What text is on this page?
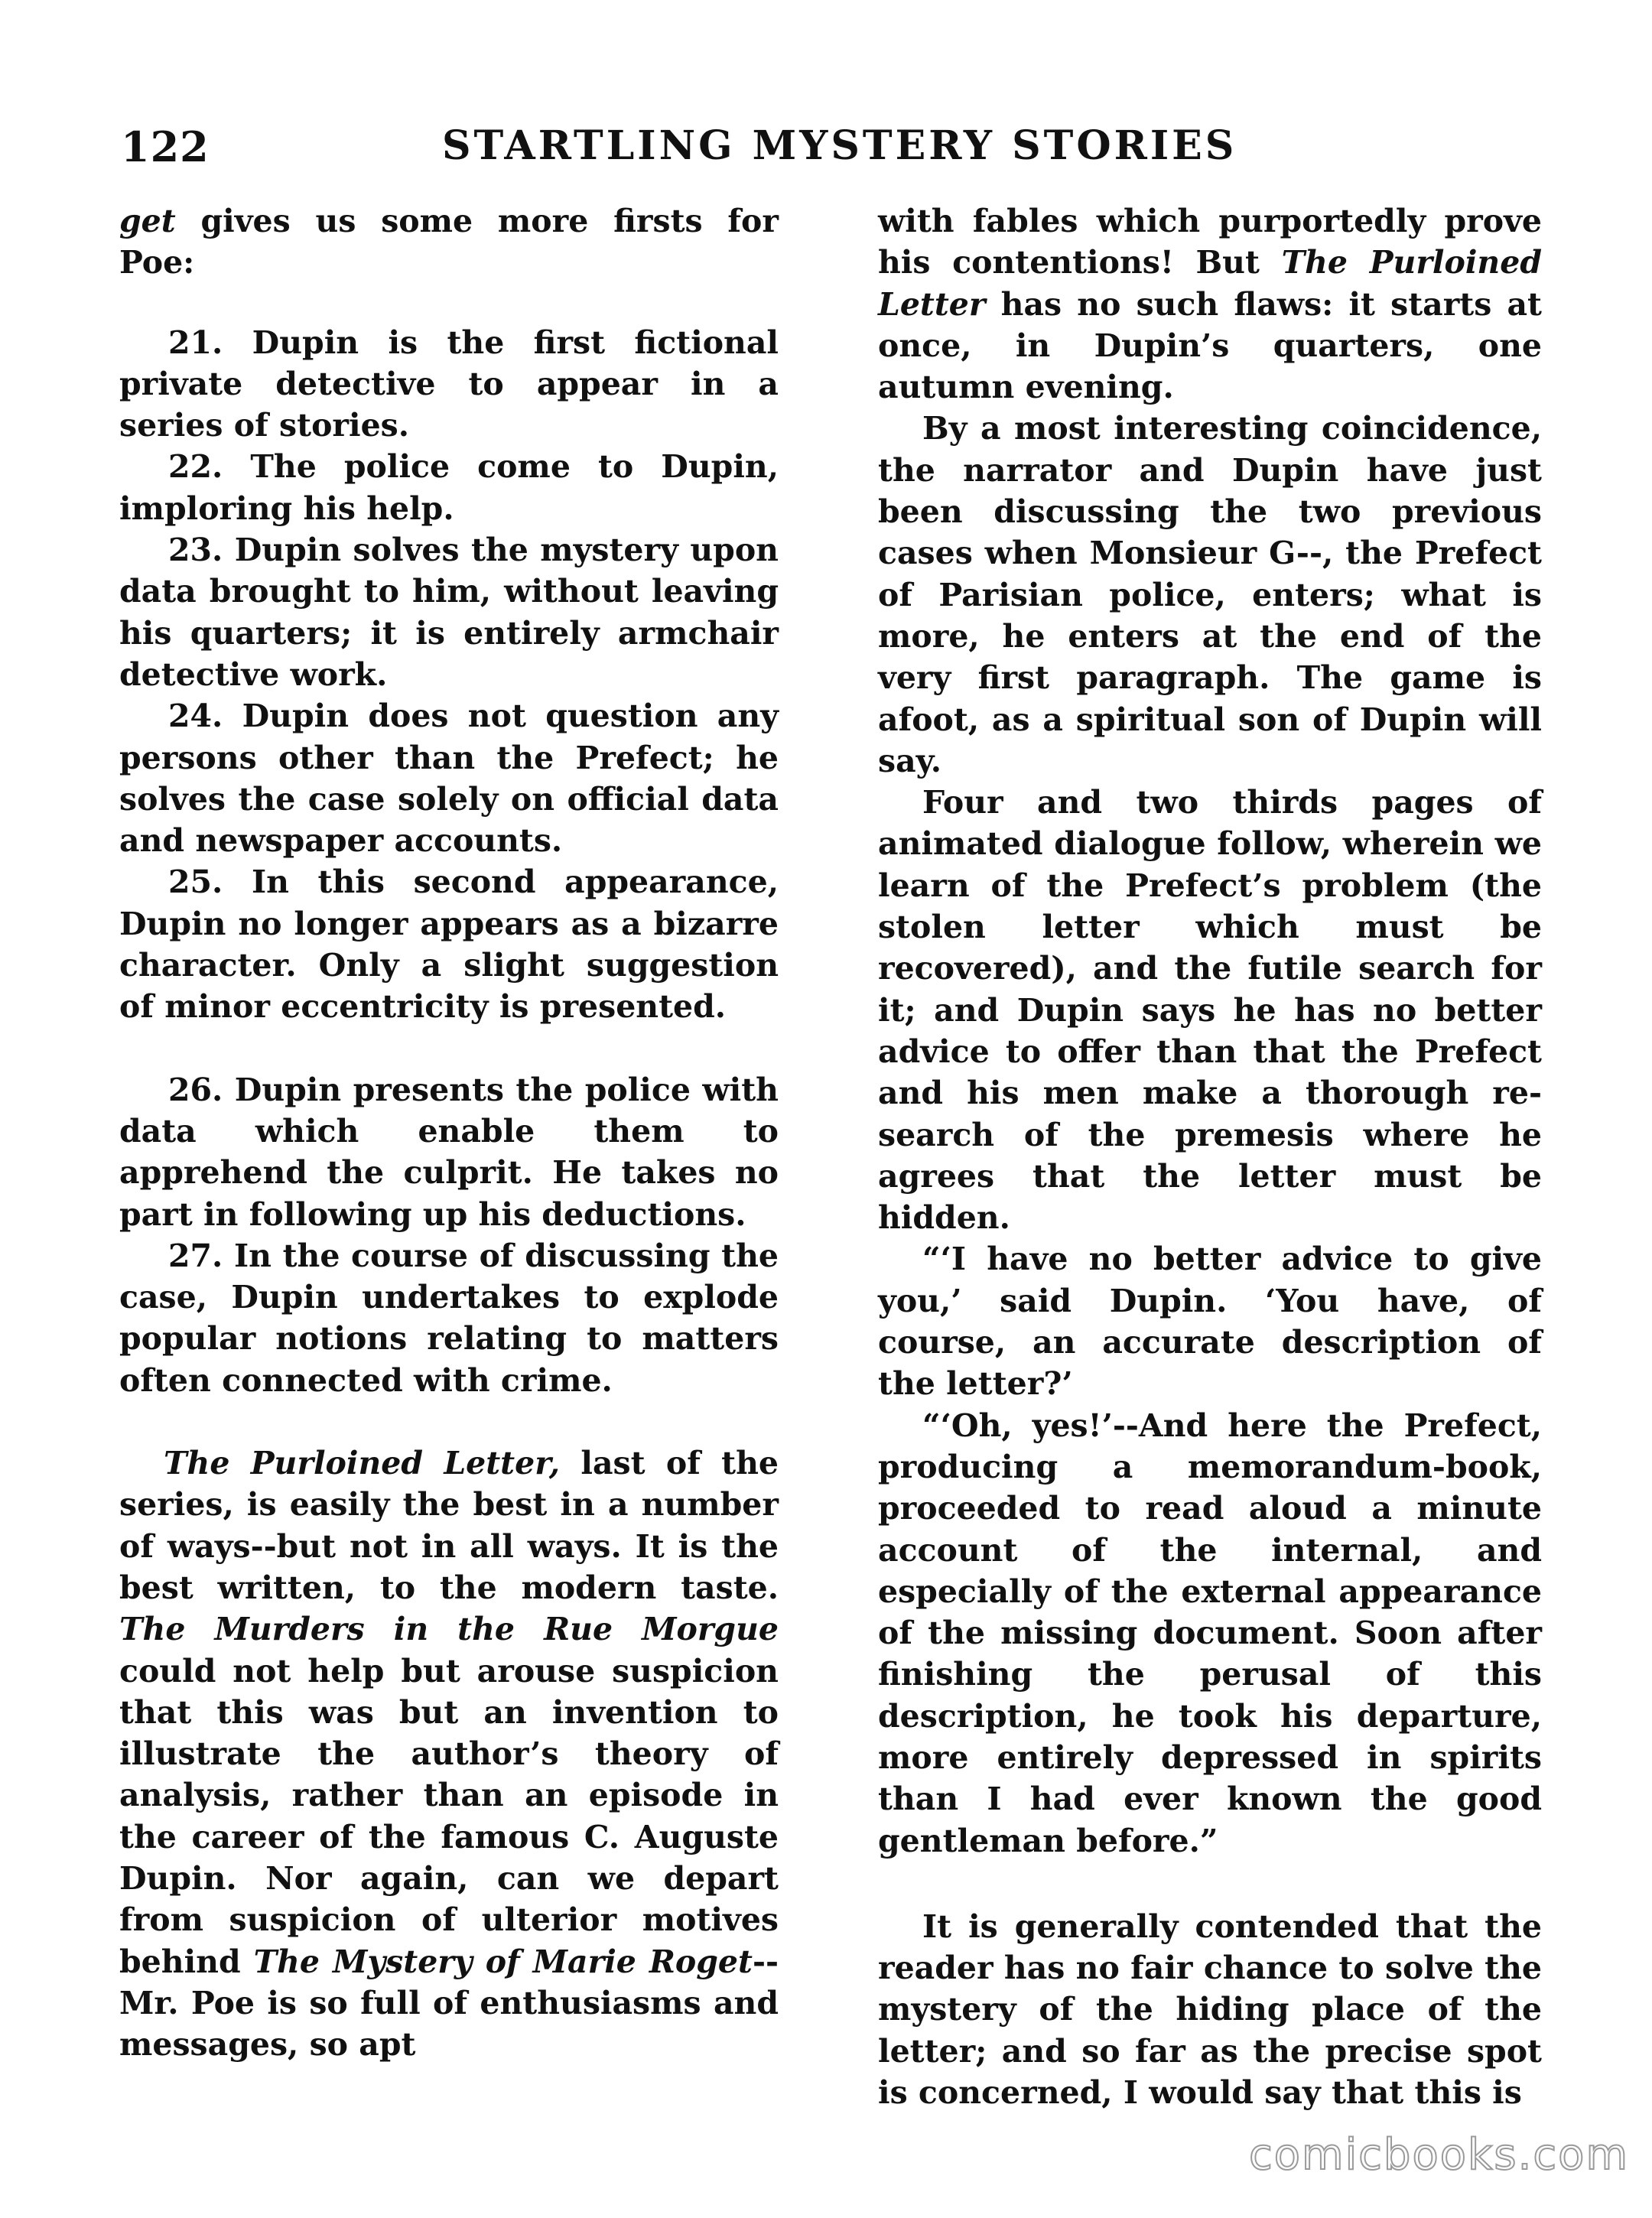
122	STARTLING MYSTERY STORIES

get gives us some more firsts for Poe:

21. Dupin is the first fictional private detective to appear in a series of stories.

22. The police come to Dupin, imploring his help.

23. Dupin solves the mystery upon data brought to him, without leaving his quarters; it is entirely armchair detective work.

24. Dupin does not question any persons other than the Prefect; he solves the case solely on official data and newspaper accounts.

25. In this second appearance, Dupin no longer appears as a bizarre character. Only a slight suggestion of minor eccentricity is presented.

26. Dupin presents the police with data which enable them to apprehend the culprit. He takes no part in following up his deductions.

27. In the course of discussing the case, Dupin undertakes to explode popular notions relating to matters often connected with crime.

The Purloined Letter, last of the series, is easily the best in a number of ways--but not in all ways. It is the best written, to the modern taste. The Murders in the Rue Morgue could not help but arouse suspicion that this was but an invention to illustrate the author’s theory of analysis, rather than an episode in the career of the famous C. Auguste Dupin. Nor again, can we depart from suspicion of ulterior motives behind The Mystery of Marie Roget--Mr. Poe is so full of enthusiasms and messages, so apt

with fables which purportedly prove his contentions! But The Purloined Letter has no such flaws: it starts at once, in Dupin’s quarters, one autumn evening.

By a most interesting coincidence, the narrator and Dupin have just been discussing the two previous cases when Monsieur G--, the Prefect of Parisian police, enters; what is more, he enters at the end of the very first paragraph. The game is afoot, as a spiritual son of Dupin will say.

Four and two thirds pages of animated dialogue follow, wherein we learn of the Prefect’s problem (the stolen letter which must be recovered), and the futile search for it; and Dupin says he has no better advice to offer than that the Prefect and his men make a thorough re-search of the premesis where he agrees that the letter must be hidden.

“‘I have no better advice to give you,’ said Dupin. ‘You have, of course, an accurate description of the letter?’

“‘Oh, yes!’--And here the Prefect, producing a memorandum-book, proceeded to read aloud a minute account of the internal, and especially of the external appearance of the missing document. Soon after finishing the perusal of this description, he took his departure, more entirely depressed in spirits than I had ever known the good gentleman before.”

It is generally contended that the reader has no fair chance to solve the mystery of the hiding place of the letter; and so far as the precise spot is concerned, I would say that this is

comicbooks.com
